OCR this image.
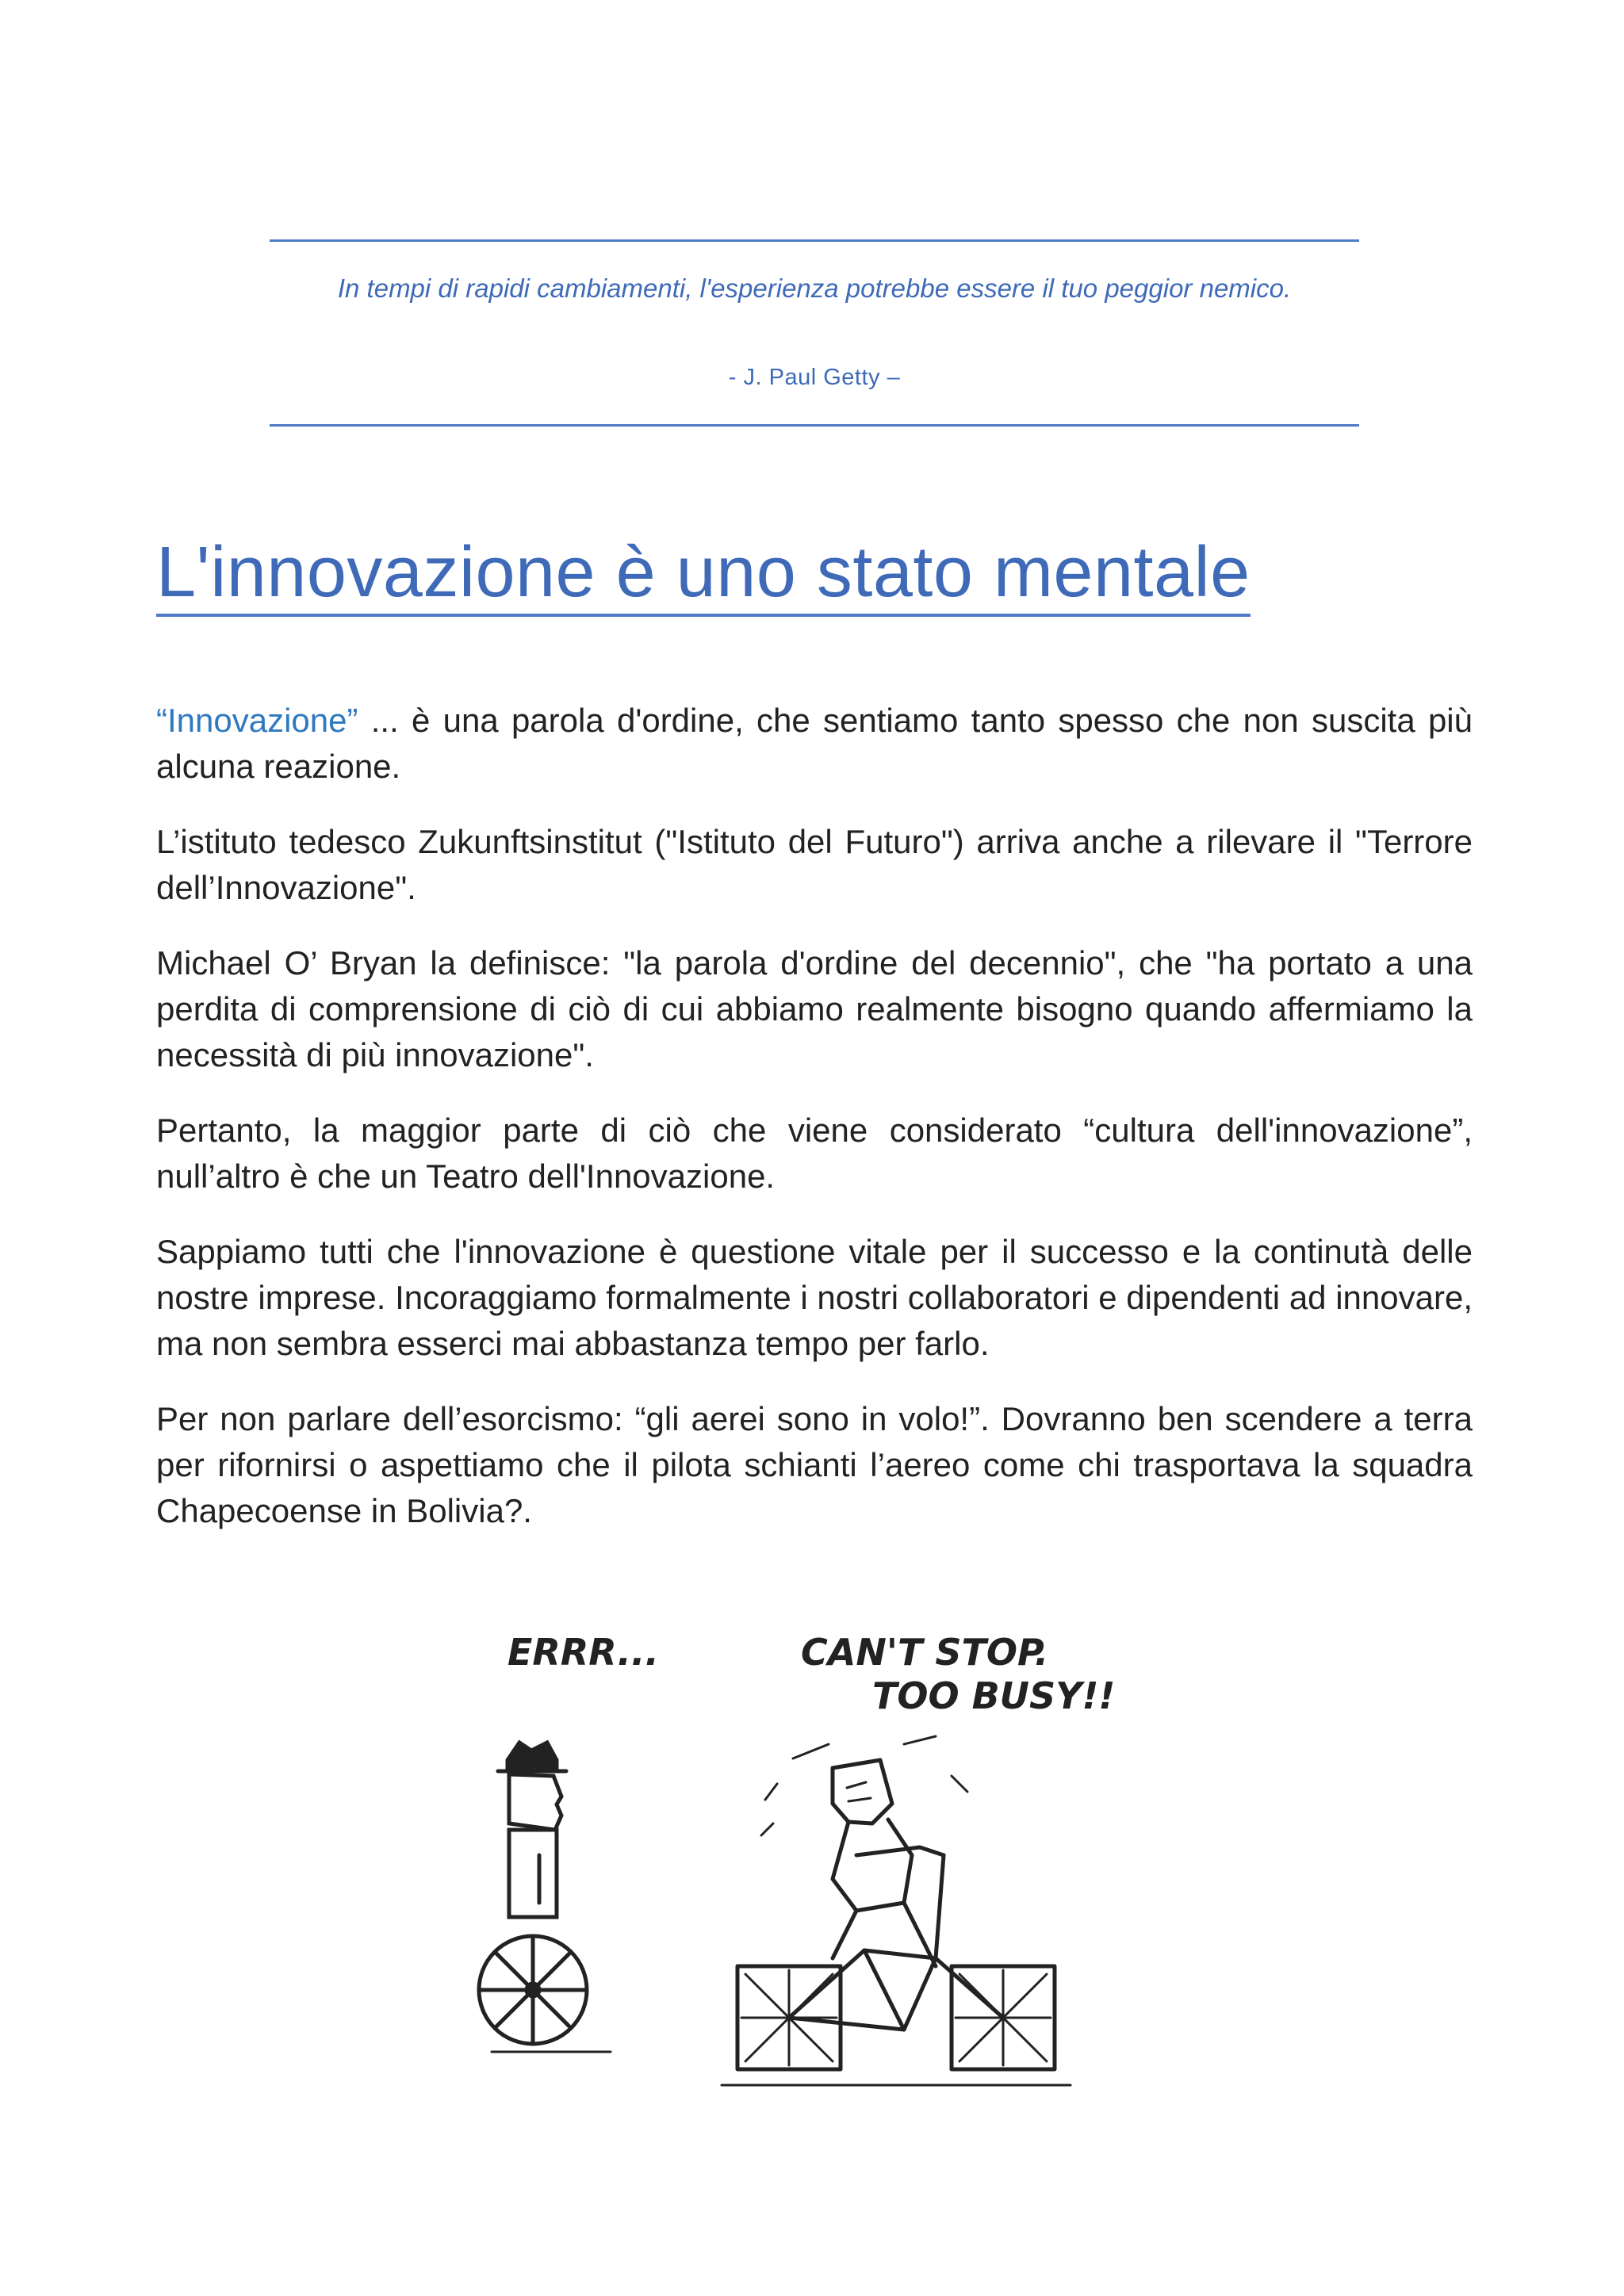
In tempi di rapidi cambiamenti, l'esperienza potrebbe essere il tuo peggior nemico.

- J. Paul Getty –

L'innovazione è uno stato mentale

“Innovazione” ... è una parola d'ordine, che sentiamo tanto spesso che non suscita più alcuna reazione.

L’istituto tedesco Zukunftsinstitut ("Istituto del Futuro") arriva anche a rilevare il "Terrore dell’Innovazione".

Michael O’ Bryan la definisce: "la parola d'ordine del decennio", che "ha portato a una perdita di comprensione di ciò di cui abbiamo realmente bisogno quando affermiamo la necessità di più innovazione".

Pertanto, la maggior parte di ciò che viene considerato “cultura dell'innovazione”, null’altro è che un Teatro dell'Innovazione.

Sappiamo tutti che l'innovazione è questione vitale per il successo e la continutà delle nostre imprese. Incoraggiamo formalmente i nostri collaboratori e dipendenti ad innovare, ma non sembra esserci mai abbastanza tempo per farlo.

Per non parlare dell’esorcismo: “gli aerei sono in volo!”. Dovranno ben scendere a terra per rifornirsi o aspettiamo che il pilota schianti l’aereo come chi trasportava la squadra Chapecoense in Bolivia?.

ERRR...	CAN'T STOP.
TOO BUSY!!
